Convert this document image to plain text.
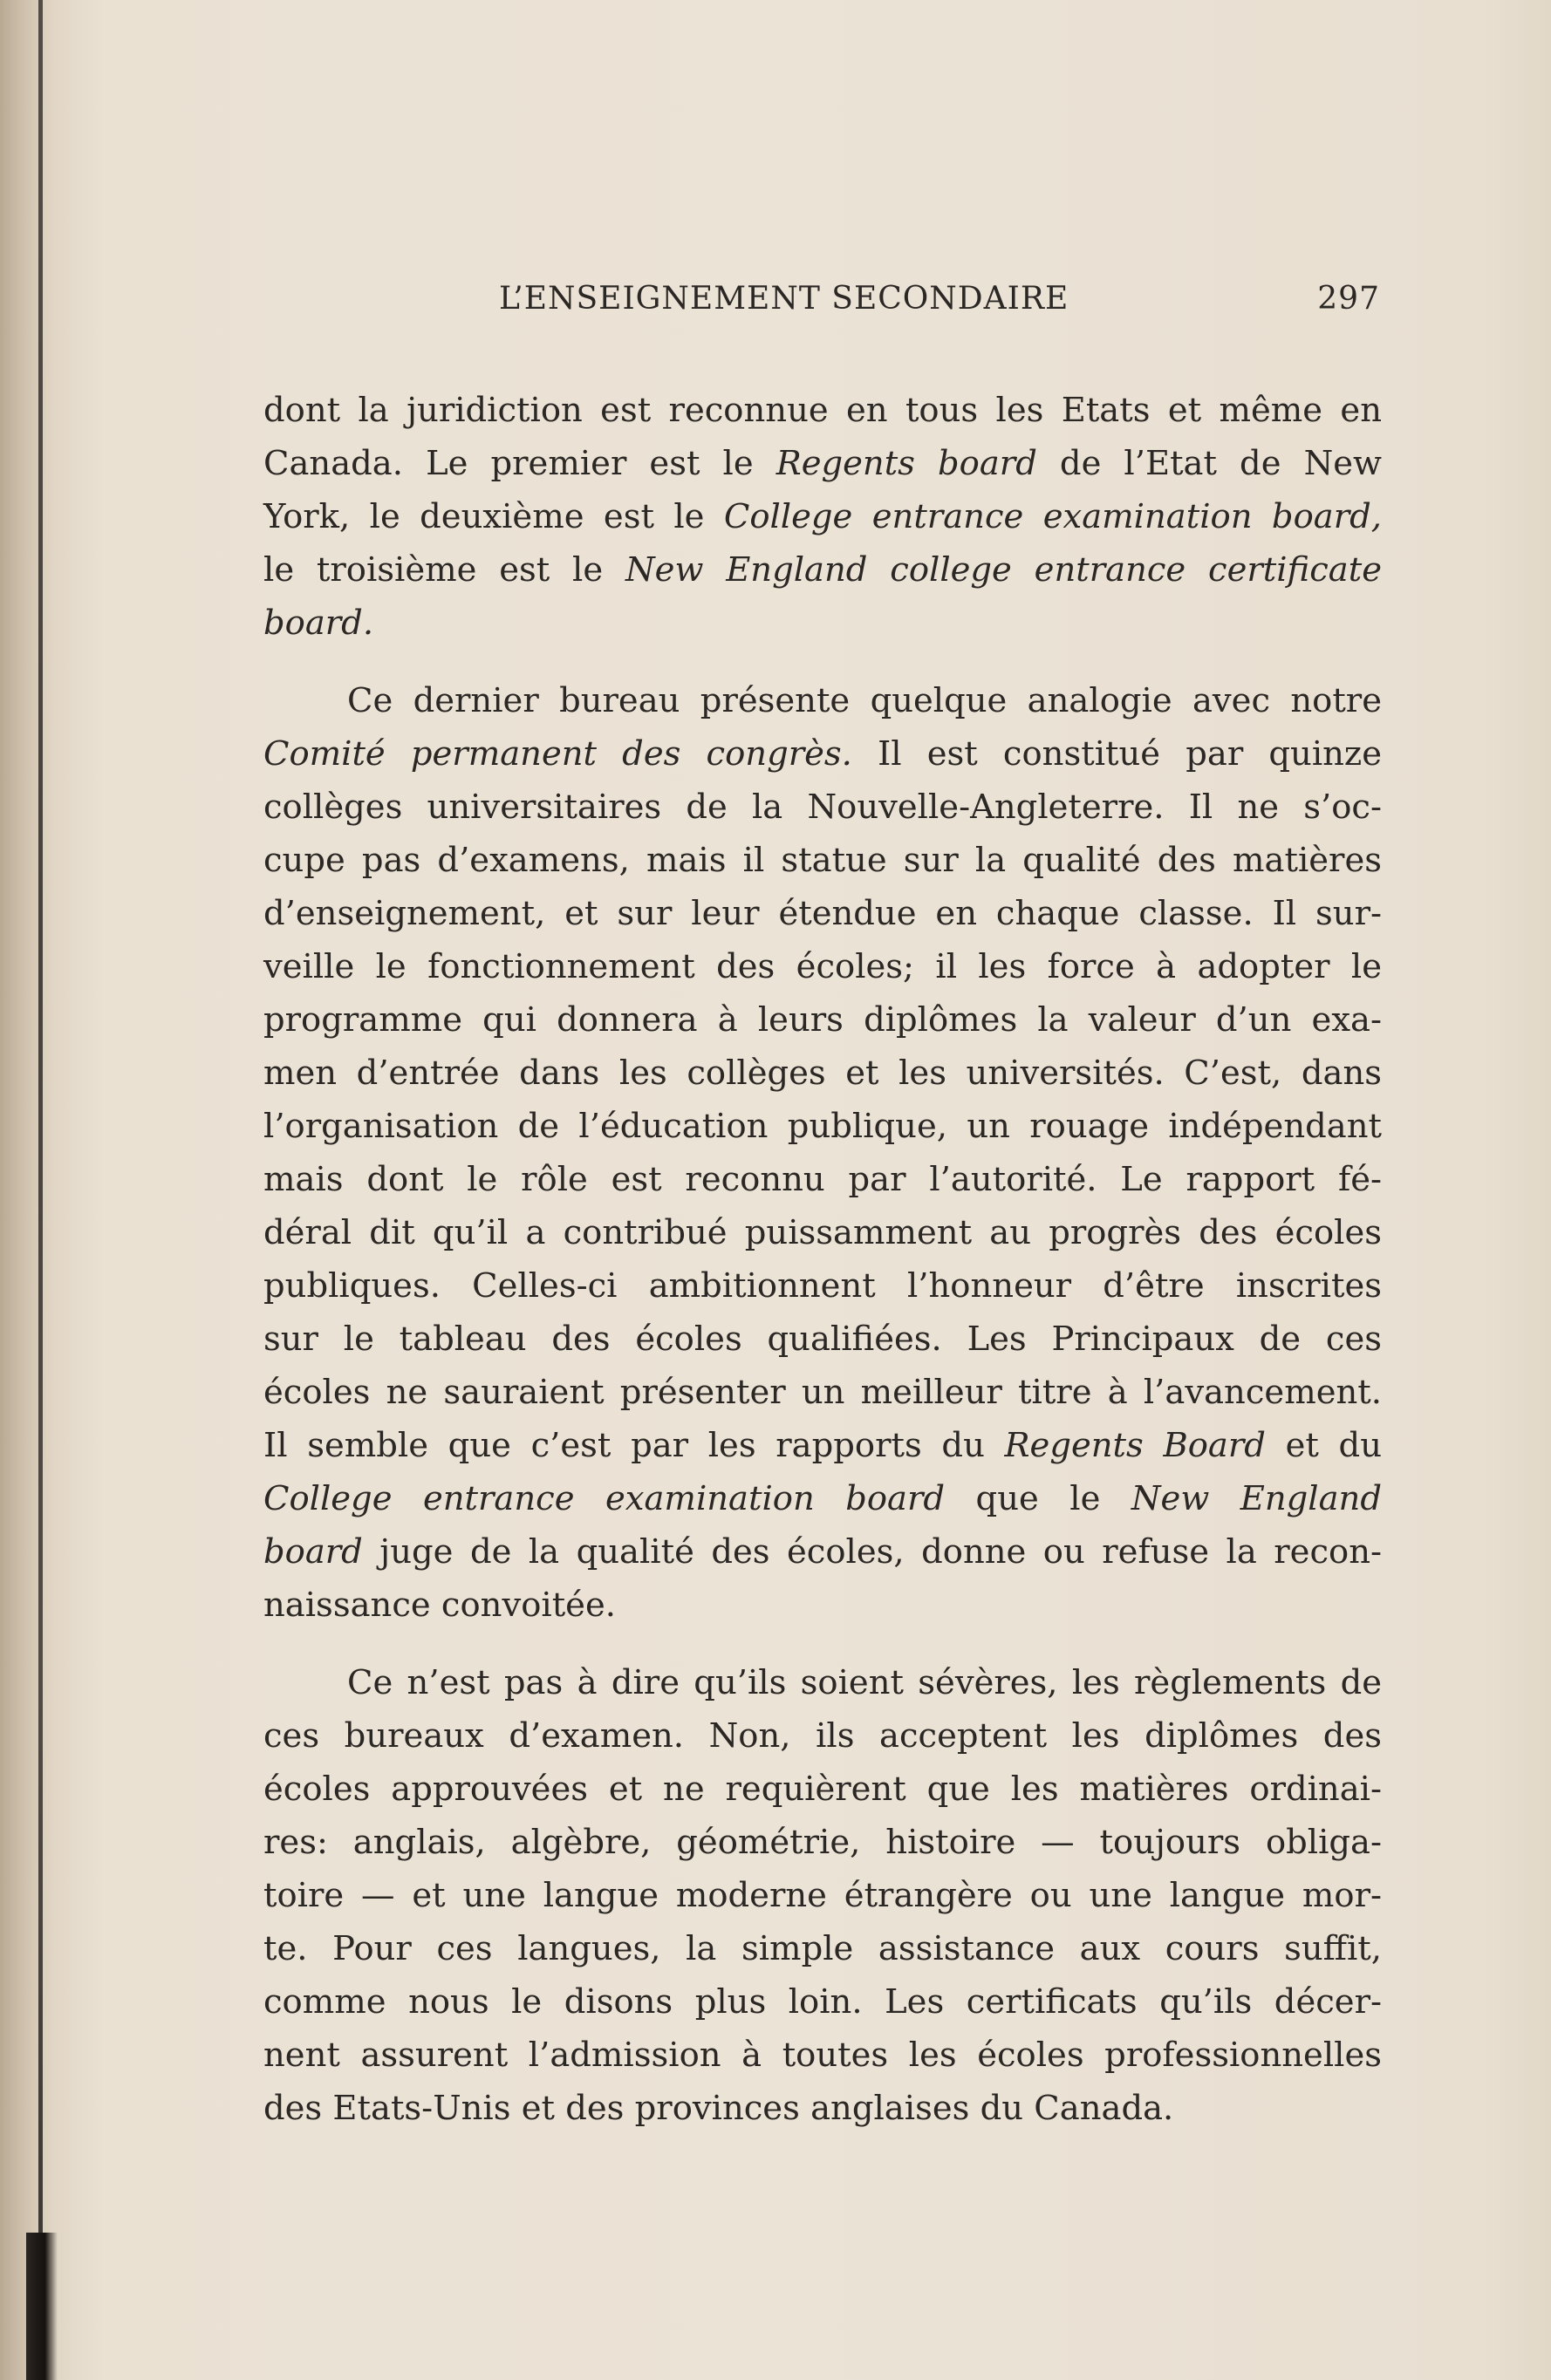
L’ENSEIGNEMENT SECONDAIRE	297
dont la juridiction est reconnue en tous les Etats et même en
Canada. Le premier est le Regents board de l’Etat de New
York, le deuxième est le College entrance examination board,
le troisième est le New England college entrance certificate
board.
Ce dernier bureau présente quelque analogie avec notre
Comité permanent des congrès. Il est constitué par quinze
collèges universitaires de la Nouvelle-Angleterre. Il ne s’oc-
cupe pas d’examens, mais il statue sur la qualité des matières
d’enseignement, et sur leur étendue en chaque classe. Il sur-
veille le fonctionnement des écoles; il les force à adopter le
programme qui donnera à leurs diplômes la valeur d’un exa-
men d’entrée dans les collèges et les universités. C’est, dans
l’organisation de l’éducation publique, un rouage indépendant
mais dont le rôle est reconnu par l’autorité. Le rapport fé-
déral dit qu’il a contribué puissamment au progrès des écoles
publiques. Celles-ci ambitionnent l’honneur d’être inscrites
sur le tableau des écoles qualifiées. Les Principaux de ces
écoles ne sauraient présenter un meilleur titre à l’avancement.
Il semble que c’est par les rapports du Regents Board et du
College entrance examination board que le New England
board juge de la qualité des écoles, donne ou refuse la recon-
naissance convoitée.
Ce n’est pas à dire qu’ils soient sévères, les règlements de
ces bureaux d’examen. Non, ils acceptent les diplômes des
écoles approuvées et ne requièrent que les matières ordinai-
res: anglais, algèbre, géométrie, histoire — toujours obliga-
toire — et une langue moderne étrangère ou une langue mor-
te. Pour ces langues, la simple assistance aux cours suffit,
comme nous le disons plus loin. Les certificats qu’ils décer-
nent assurent l’admission à toutes les écoles professionnelles
des Etats-Unis et des provinces anglaises du Canada.
